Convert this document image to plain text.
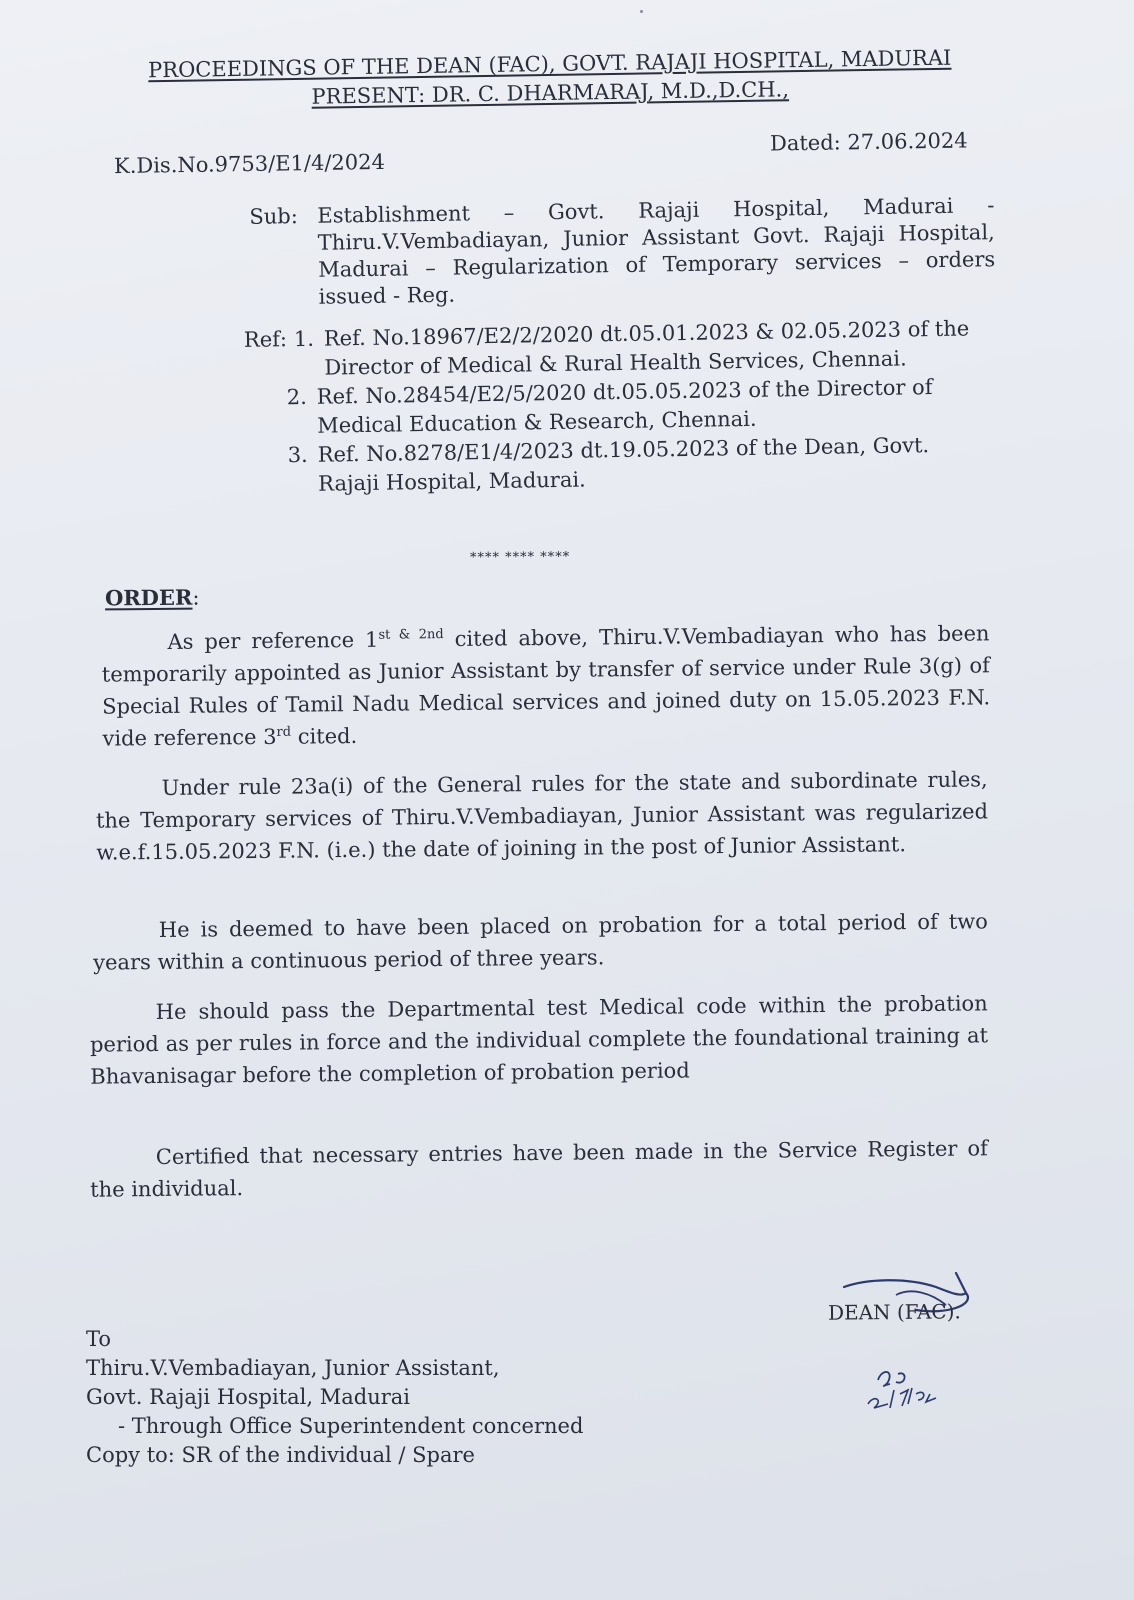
PROCEEDINGS OF THE DEAN (FAC), GOVT. RAJAJI HOSPITAL, MADURAI
PRESENT: DR. C. DHARMARAJ, M.D.,D.CH.,
Dated: 27.06.2024
K.Dis.No.9753/E1/4/2024
Sub: Establishment – Govt. Rajaji Hospital, Madurai - Thiru.V.Vembadiayan, Junior Assistant Govt. Rajaji Hospital, Madurai – Regularization of Temporary services – orders issued - Reg.
Ref: 1. Ref. No.18967/E2/2/2020 dt.05.01.2023 & 02.05.2023 of the Director of Medical & Rural Health Services, Chennai.
2. Ref. No.28454/E2/5/2020 dt.05.05.2023 of the Director of Medical Education & Research, Chennai.
3. Ref. No.8278/E1/4/2023 dt.19.05.2023 of the Dean, Govt. Rajaji Hospital, Madurai.
**** **** ****
ORDER:
As per reference $1^{st \& 2nd}$ cited above, Thiru.V.Vembadiayan who has been temporarily appointed as Junior Assistant by transfer of service under Rule 3(g) of Special Rules of Tamil Nadu Medical services and joined duty on 15.05.2023 F.N. vide reference 3rd cited.
Under rule 23a(i) of the General rules for the state and subordinate rules, the Temporary services of Thiru.V.Vembadiayan, Junior Assistant was regularized w.e.f.15.05.2023 F.N. (i.e.) the date of joining in the post of Junior Assistant.
He is deemed to have been placed on probation for a total period of two years within a continuous period of three years.
He should pass the Departmental test Medical code within the probation period as per rules in force and the individual complete the foundational training at Bhavanisagar before the completion of probation period
Certified that necessary entries have been made in the Service Register of the individual.
DEAN (FAC).
To
Thiru.V.Vembadiayan, Junior Assistant,
Govt. Rajaji Hospital, Madurai
- Through Office Superintendent concerned
Copy to: SR of the individual / Spare
